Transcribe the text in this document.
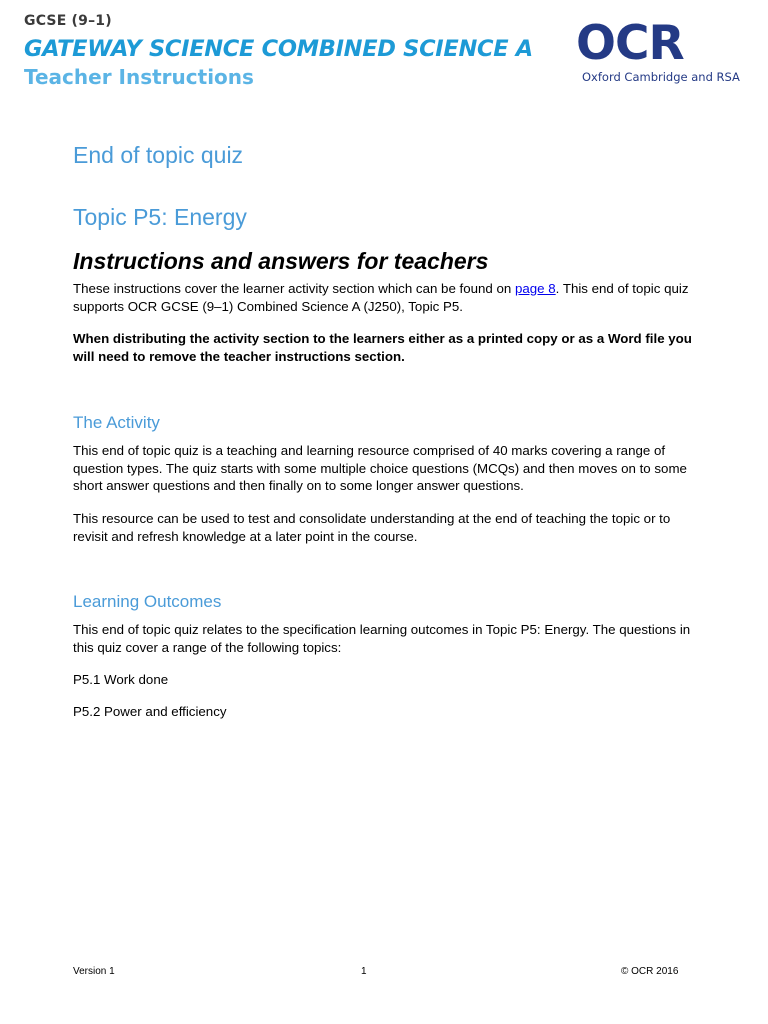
GCSE (9–1)
GATEWAY SCIENCE COMBINED SCIENCE A
Teacher Instructions
OCR
Oxford Cambridge and RSA
End of topic quiz
Topic P5: Energy
Instructions and answers for teachers

These instructions cover the learner activity section which can be found on page 8. This end of topic quiz supports OCR GCSE (9–1) Combined Science A (J250), Topic P5.

When distributing the activity section to the learners either as a printed copy or as a Word file you will need to remove the teacher instructions section.

The Activity

This end of topic quiz is a teaching and learning resource comprised of 40 marks covering a range of question types. The quiz starts with some multiple choice questions (MCQs) and then moves on to some short answer questions and then finally on to some longer answer questions.

This resource can be used to test and consolidate understanding at the end of teaching the topic or to revisit and refresh knowledge at a later point in the course.

Learning Outcomes

This end of topic quiz relates to the specification learning outcomes in Topic P5: Energy. The questions in this quiz cover a range of the following topics:

P5.1 Work done

P5.2 Power and efficiency

Version 1	1	© OCR 2016
